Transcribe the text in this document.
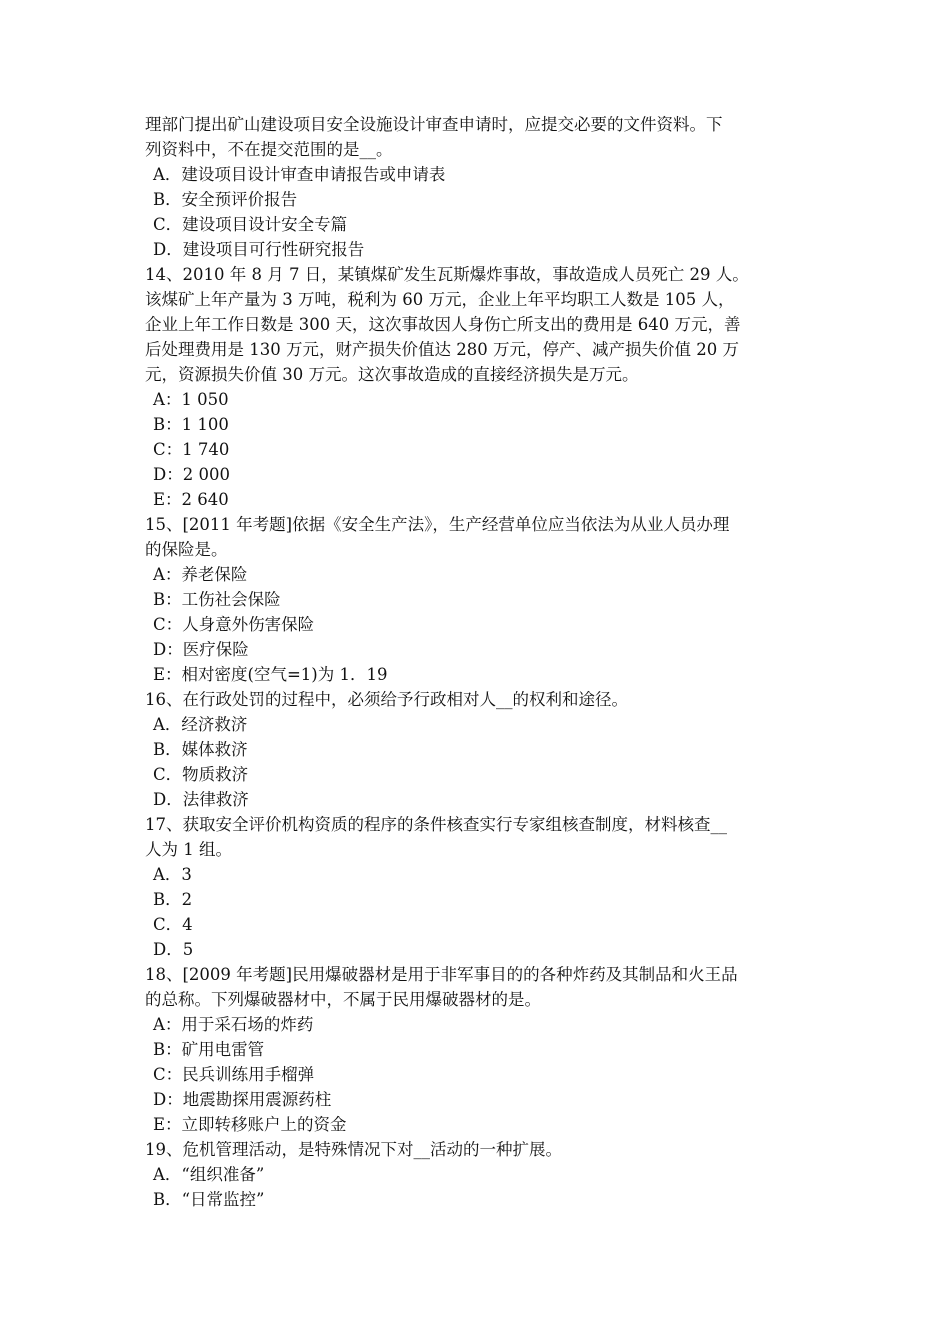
理部门提出矿山建设项目安全设施设计审查申请时，应提交必要的文件资料。下
列资料中，不在提交范围的是__。
A．建设项目设计审查申请报告或申请表
B．安全预评价报告
C．建设项目设计安全专篇
D．建设项目可行性研究报告
14、2010 年 8 月 7 日，某镇煤矿发生瓦斯爆炸事故，事故造成人员死亡 29 人。
该煤矿上年产量为 3 万吨，税利为 60 万元，企业上年平均职工人数是 105 人，
企业上年工作日数是 300 天，这次事故因人身伤亡所支出的费用是 640 万元，善
后处理费用是 130 万元，财产损失价值达 280 万元，停产、减产损失价值 20 万
元，资源损失价值 30 万元。这次事故造成的直接经济损失是万元。
A：1 050
B：1 100
C：1 740
D：2 000
E：2 640
15、[2011 年考题]依据《安全生产法》，生产经营单位应当依法为从业人员办理
的保险是。
A：养老保险
B：工伤社会保险
C：人身意外伤害保险
D：医疗保险
E：相对密度(空气=1)为 1．19
16、在行政处罚的过程中，必须给予行政相对人__的权利和途径。
A．经济救济
B．媒体救济
C．物质救济
D．法律救济
17、获取安全评价机构资质的程序的条件核查实行专家组核查制度，材料核查__
人为 1 组。
A．3
B．2
C．4
D．5
18、[2009 年考题]民用爆破器材是用于非军事目的的各种炸药及其制品和火王品
的总称。下列爆破器材中，不属于民用爆破器材的是。
A：用于采石场的炸药
B：矿用电雷管
C：民兵训练用手榴弹
D：地震勘探用震源药柱
E：立即转移账户上的资金
19、危机管理活动，是特殊情况下对__活动的一种扩展。
A．“组织准备”
B．“日常监控”
